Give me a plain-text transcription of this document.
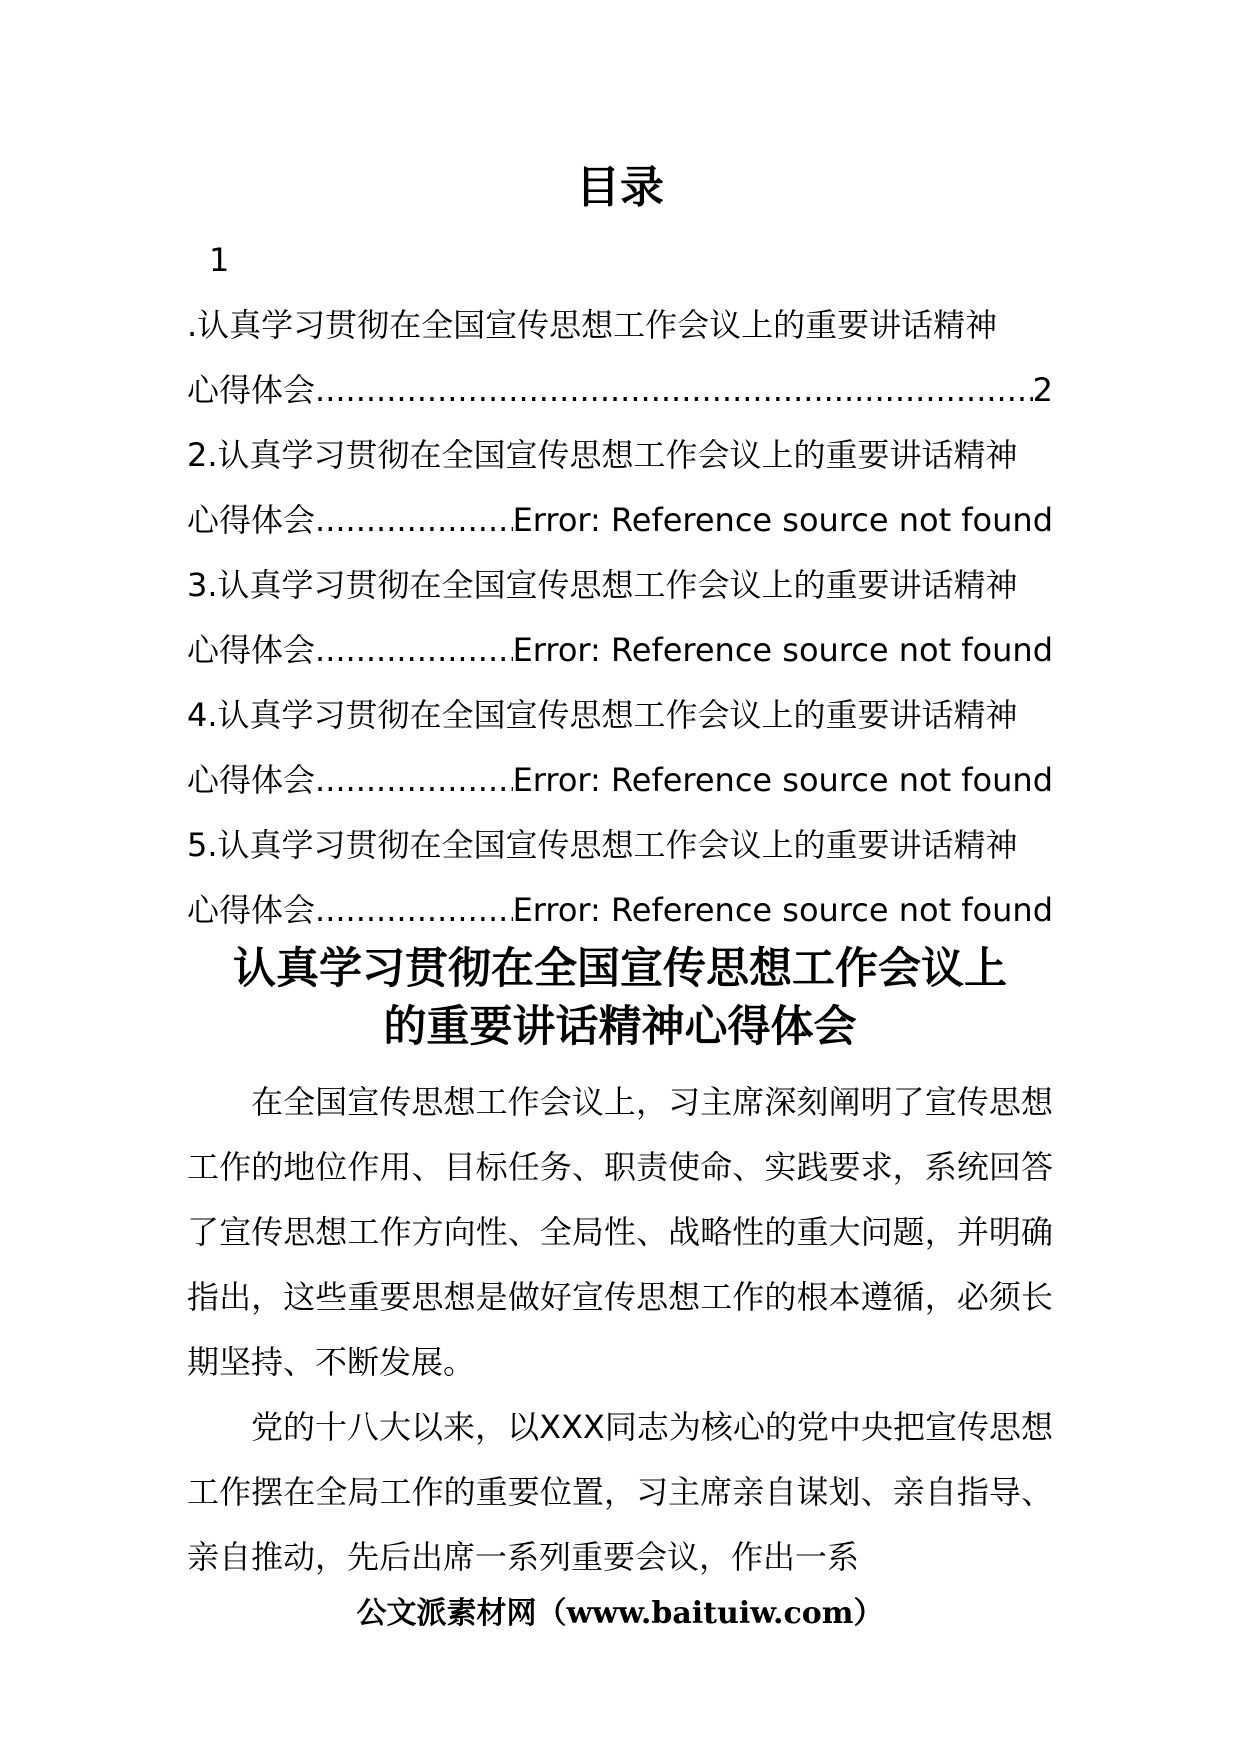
目录
1
.认真学习贯彻在全国宣传思想工作会议上的重要讲话精神
心得体会 .....	2
2.认真学习贯彻在全国宣传思想工作会议上的重要讲话精神
心得体会 .....	Error: Reference source not found
3.认真学习贯彻在全国宣传思想工作会议上的重要讲话精神
心得体会 .....	Error: Reference source not found
4.认真学习贯彻在全国宣传思想工作会议上的重要讲话精神
心得体会 .....	Error: Reference source not found
5.认真学习贯彻在全国宣传思想工作会议上的重要讲话精神
心得体会 .....	Error: Reference source not found
认真学习贯彻在全国宣传思想工作会议上
的重要讲话精神心得体会

在全国宣传思想工作会议上，习主席深刻阐明了宣传思想工作的地位作用、目标任务、职责使命、实践要求，系统回答了宣传思想工作方向性、全局性、战略性的重大问题，并明确指出，这些重要思想是做好宣传思想工作的根本遵循，必须长期坚持、不断发展。

党的十八大以来，以XXX同志为核心的党中央把宣传思想工作摆在全局工作的重要位置，习主席亲自谋划、亲自指导、亲自推动，先后出席一系列重要会议，作出一系

公文派素材网（www.baituiw.com）
